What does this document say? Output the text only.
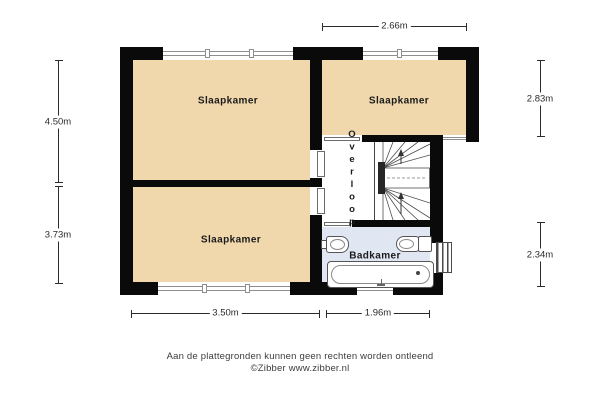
2.66m
4.50m
3.73m
2.83m
2.34m
3.50m	1.96m
Slaapkamer	Slaapkamer
Slaapkamer
Overloop
Badkamer
Aan de plattegronden kunnen geen rechten worden ontleend
©Zibber www.zibber.nl
